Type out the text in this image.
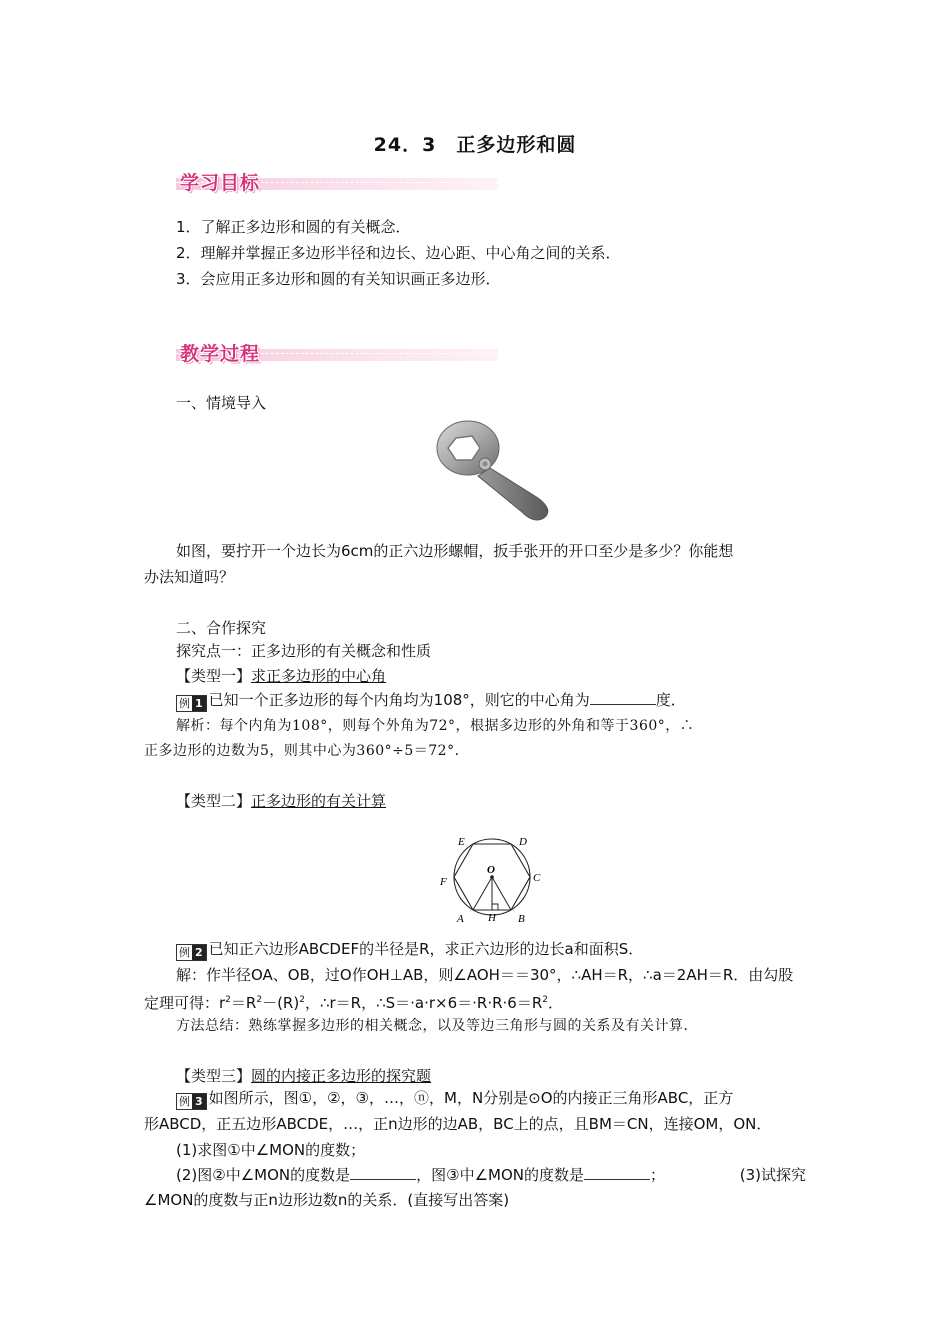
24．3　正多边形和圆
学习目标
1．了解正多边形和圆的有关概念．
2．理解并掌握正多边形半径和边长、边心距、中心角之间的关系．
3．会应用正多边形和圆的有关知识画正多边形．
教学过程
一、情境导入
如图，要拧开一个边长为6cm的正六边形螺帽，扳手张开的开口至少是多少？你能想
办法知道吗？
二、合作探究
探究点一：正多边形的有关概念和性质
【类型一】求正多边形的中心角
例 1 已知一个正多边形的每个内角均为108°，则它的中心角为	度．
解析：每个内角为108°，则每个外角为72°，根据多边形的外角和等于360°，∴
正多边形的边数为5，则其中心为360°÷5＝72°．
【类型二】正多边形的有关计算
E	D
O
F	C
A H B
例 2 已知正六边形ABCDEF的半径是R，求正六边形的边长a和面积S．
解：作半径OA、OB，过O作OH⊥AB，则∠AOH＝＝30°，∴AH＝R，∴a＝2AH＝R．由勾股
定理可得：$r^2=R^2-(R)^2$，∴r＝R，$\therefore S=\cdot a\cdot r\times 6=\cdot R\cdot R\cdot 6=R^2$．
方法总结：熟练掌握多边形的相关概念，以及等边三角形与圆的关系及有关计算．
【类型三】圆的内接正多边形的探究题
例 3 如图所示，图①，②，③，…，ⓝ，M，N分别是⊙O的内接正三角形ABC，正方
形ABCD，正五边形ABCDE，…，正n边形的边AB，BC上的点，且BM＝CN，连接OM，ON．
(1)求图①中∠MON的度数；
(2)图②中∠MON的度数是	，图③中∠MON的度数是	；	(3)试探究
∠MON的度数与正n边形边数n的关系．(直接写出答案)
